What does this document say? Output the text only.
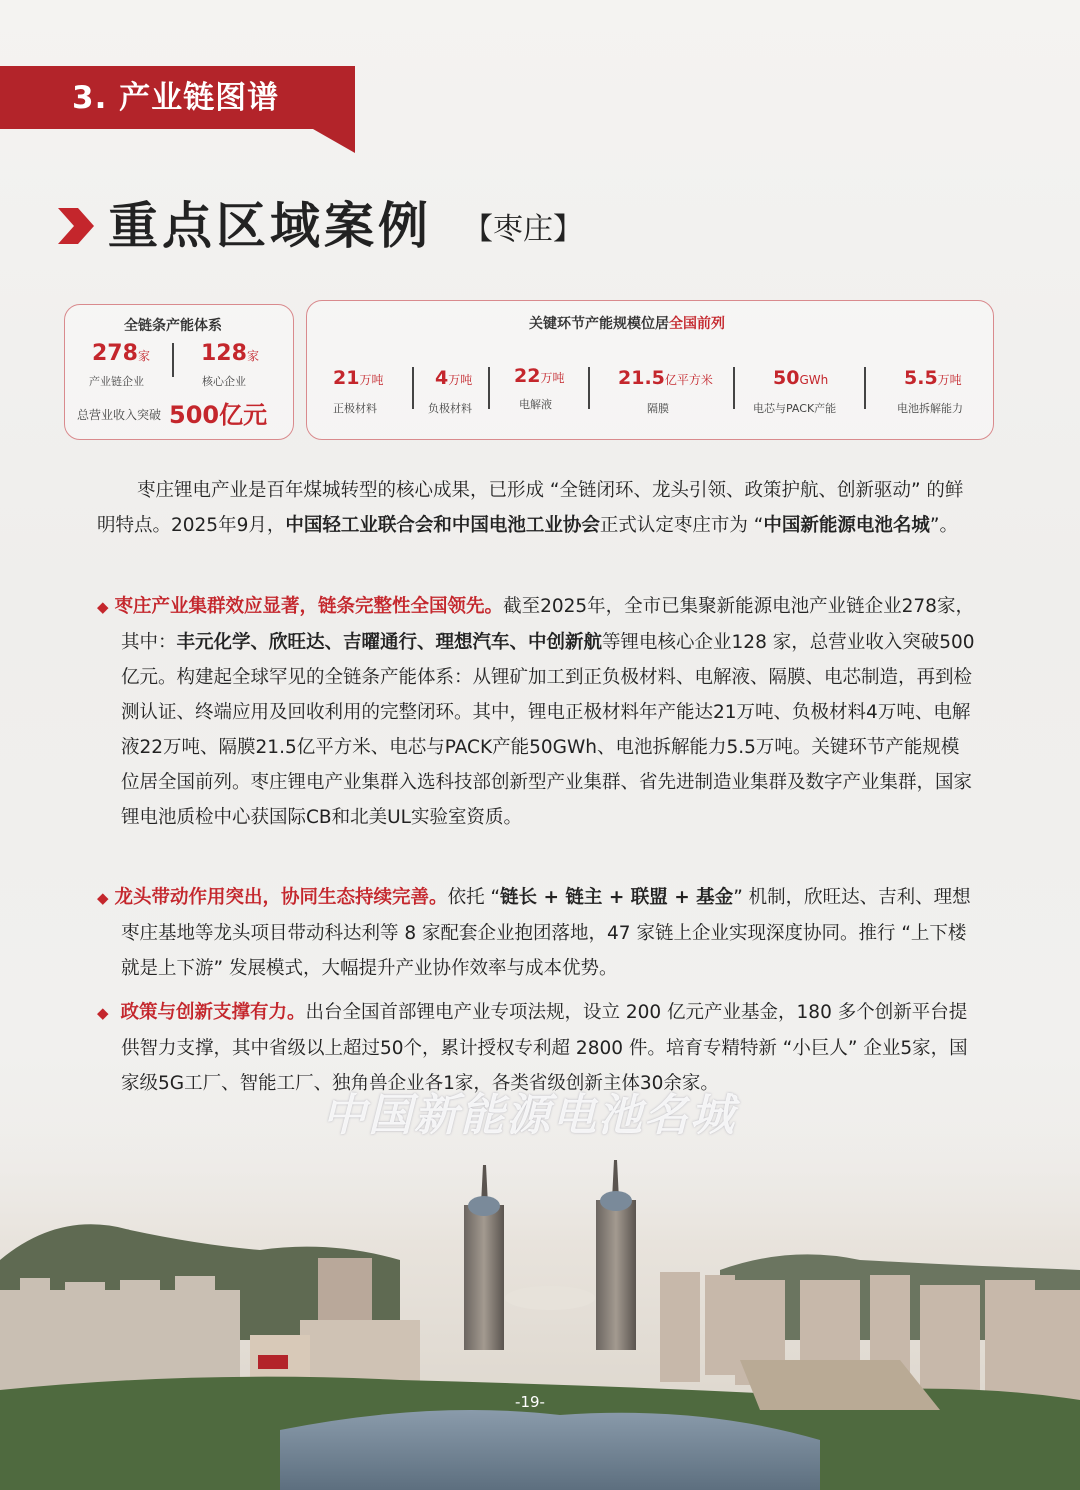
3. 产业链图谱
重点区域案例 【枣庄】
全链条产能体系
278家
产业链企业
128家
核心企业
总营业收入突破 500亿元
关键环节产能规模位居全国前列
21万吨
正极材料
4万吨
负极材料
22万吨
电解液
21.5亿平方米
隔膜
50GWh
电芯与PACK产能
5.5万吨
电池拆解能力
枣庄锂电产业是百年煤城转型的核心成果，已形成 “全链闭环、龙头引领、政策护航、创新驱动” 的鲜明特点。2025年9月，中国轻工业联合会和中国电池工业协会正式认定枣庄市为 “中国新能源电池名城”。
◆ 枣庄产业集群效应显著，链条完整性全国领先。截至2025年，全市已集聚新能源电池产业链企业278家，其中：丰元化学、欣旺达、吉曜通行、理想汽车、中创新航等锂电核心企业128 家，总营业收入突破500亿元。构建起全球罕见的全链条产能体系：从锂矿加工到正负极材料、电解液、隔膜、电芯制造，再到检测认证、终端应用及回收利用的完整闭环。其中，锂电正极材料年产能达21万吨、负极材料4万吨、电解液22万吨、隔膜21.5亿平方米、电芯与PACK产能50GWh、电池拆解能力5.5万吨。关键环节产能规模位居全国前列。枣庄锂电产业集群入选科技部创新型产业集群、省先进制造业集群及数字产业集群，国家锂电池质检中心获国际CB和北美UL实验室资质。
◆ 龙头带动作用突出，协同生态持续完善。依托 “链长 + 链主 + 联盟 + 基金” 机制，欣旺达、吉利、理想枣庄基地等龙头项目带动科达利等 8 家配套企业抱团落地，47 家链上企业实现深度协同。推行 “上下楼就是上下游” 发展模式，大幅提升产业协作效率与成本优势。
◆ 政策与创新支撑有力。出台全国首部锂电产业专项法规，设立 200 亿元产业基金，180 多个创新平台提供智力支撑，其中省级以上超过50个，累计授权专利超 2800 件。培育专精特新 “小巨人” 企业5家，国家级5G工厂、智能工厂、独角兽企业各1家，各类省级创新主体30余家。
中国新能源电池名城
-19-
